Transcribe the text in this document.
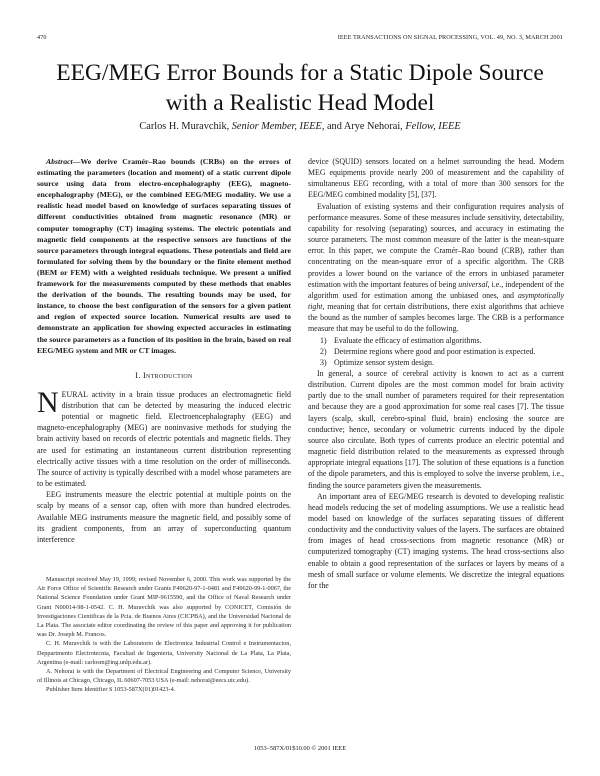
470	IEEE TRANSACTIONS ON SIGNAL PROCESSING, VOL. 49, NO. 3, MARCH 2001
EEG/MEG Error Bounds for a Static Dipole Source
with a Realistic Head Model
Carlos H. Muravchik, Senior Member, IEEE, and Arye Nehorai, Fellow, IEEE

Abstract—We derive Cramér–Rao bounds (CRBs) on the errors of estimating the parameters (location and moment) of a static current dipole source using data from electro-encephalography (EEG), magneto-encephalography (MEG), or the combined EEG/MEG modality. We use a realistic head model based on knowledge of surfaces separating tissues of different conductivities obtained from magnetic resonance (MR) or computer tomography (CT) imaging systems. The electric potentials and magnetic field components at the respective sensors are functions of the source parameters through integral equations. These potentials and field are formulated for solving them by the boundary or the finite element method (BEM or FEM) with a weighted residuals technique. We present a unified framework for the measurements computed by these methods that enables the derivation of the bounds. The resulting bounds may be used, for instance, to choose the best configuration of the sensors for a given patient and region of expected source location. Numerical results are used to demonstrate an application for showing expected accuracies in estimating the source parameters as a function of its position in the brain, based on real EEG/MEG system and MR or CT images.

I. Introduction

NEURAL activity in a brain tissue produces an electromagnetic field distribution that can be detected by measuring the induced electric potential or magnetic field. Electroencephalography (EEG) and magneto-encephalography (MEG) are noninvasive methods for studying the brain activity based on records of electric potentials and magnetic fields. They are used for estimating an instantaneous current distribution representing electrically active tissues with a time resolution on the order of milliseconds. The source of activity is typically described with a model whose parameters are to be estimated.

EEG instruments measure the electric potential at multiple points on the scalp by means of a sensor cap, often with more than hundred electrodes. Available MEG instruments measure the magnetic field, and possibly some of its gradient components, from an array of superconducting quantum interference

Manuscript received May 19, 1999; revised November 6, 2000. This work was supported by the Air Force Office of Scientific Research under Grants F49620-97-1-0481 and F49620-99-1-0067, the National Science Foundation under Grant MIP-9615590, and the Office of Naval Research under Grant N00014-98-1-0542. C. H. Muravchik was also supported by CONICET, Comisión de Investigaciones Cientificas de la Pcia. de Buenos Aires (CICPBA), and the Universidad Nacional de La Plata. The associate editor coordinating the review of this paper and approving it for publication was Dr. Joseph M. Francos.

C. H. Muravchik is with the Laboratorio de Electronica Industrial Control e Instrumentacion, Deppartmento Electrotecnia, Facultad de Ingenieria, University Nacional de La Plata, La Plata, Argentina (e-mail: carlosm@ing.unlp.edu.ar).

A. Nehorai is with the Department of Electrical Engineering and Computer Science, University of Illinois at Chicago, Chicago, IL 60607-7053 USA (e-mail: nehorai@eecs.uic.edu).

Publisher Item Identifier S 1053-587X(01)01423-4.

device (SQUID) sensors located on a helmet surrounding the head. Modern MEG equipments provide nearly 200 of measurement and the capability of simultaneous EEG recording, with a total of more than 300 sensors for the EEG/MEG combined modality [5], [37].

Evaluation of existing systems and their configuration requires analysis of performance measures. Some of these measures include sensitivity, detectability, capability for resolving (separating) sources, and accuracy in estimating the source parameters. The most common measure of the latter is the mean-square error. In this paper, we compute the Cramér–Rao bound (CRB), rather than concentrating on the mean-square error of a specific algorithm. The CRB provides a lower bound on the variance of the errors in unbiased parameter estimation with the important features of being universal, i.e., independent of the algorithm used for estimation among the unbiased ones, and asymptotically tight, meaning that for certain distributions, there exist algorithms that achieve the bound as the number of samples becomes large. The CRB is a performance measure that may be useful to do the following.

1) Evaluate the efficacy of estimation algorithms.
2) Determine regions where good and poor estimation is expected.
3) Optimize sensor system design.

In general, a source of cerebral activity is known to act as a current distribution. Current dipoles are the most common model for brain activity partly due to the small number of parameters required for their representation and because they are a good approximation for some real cases [7]. The tissue layers (scalp, skull, cerebro-spinal fluid, brain) enclosing the source are conductive; hence, secondary or volumetric currents induced by the dipole source also circulate. Both types of currents produce an electric potential and magnetic field distribution related to the measurements as expressed through appropriate integral equations [17]. The solution of these equations is a function of the dipole parameters, and this is employed to solve the inverse problem, i.e., finding the source parameters given the measurements.

An important area of EEG/MEG research is devoted to developing realistic head models reducing the set of modeling assumptions. We use a realistic head model based on knowledge of the surfaces separating tissues of different conductivity and the conductivity values of the layers. The surfaces are obtained from images of head cross-sections from magnetic resonance (MR) or computerized tomography (CT) imaging systems. The head cross-sections also enable to obtain a good representation of the surfaces or layers by means of a mesh of small surface or volume elements. We discretize the integral equations for the

1053–587X/01$10.00 © 2001 IEEE
